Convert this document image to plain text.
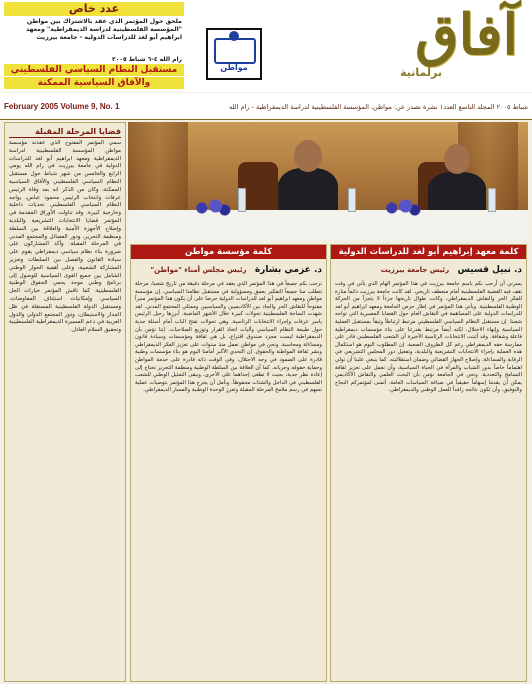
عدد خاص
ملحق حول المؤتمر الذي عقد بالاشتراك بين مواطن "المؤسسة الفلسطينية لدراسة الديمقراطية" ومعهد ابراهيم أبو لغد للدراسات الدولية - جامعة بيرزيت
رام الله ٤-٦ شباط ٢٠٠٥
مستقبل النظام السياسي الفلسطيني
والآفاق السياسية الممكنة
مواطن	آفاق
برلمانية
February 2005 Volume 9, No. 1	شباط ٢٠٠٥ المجلد التاسع العدد١ نشرة تصدر عن: مواطن، المؤسسة الفلسطينية لدراسة الديمقراطية - رام الله
قضايا المرحلة المقبلة
سمي المؤتمر المفتوح الذي عقدته مؤسسة مواطن المؤسسة الفلسطينية لدراسة الديمقراطية ومعهد ابراهيم أبو لغد للدراسات الدولية في جامعة بيرزيت في رام الله يومي الرابع والخامس من شهر شباط حول مستقبل النظام السياسي الفلسطيني والآفاق السياسية الممكنة، وكان من الذكر انه بعد وفاة الرئيس عرفات وانتخاب الرئيس محمود عباس، يواجه النظام السياسي الفلسطيني تحديات داخلية وخارجية كبيرة. وقد تناولت الأوراق المقدمة في المؤتمر قضايا الانتخابات التشريعية والبلدية وإصلاح الأجهزة الأمنية والعلاقة بين السلطة ومنظمة التحرير، ودور الفصائل والمجتمع المدني في المرحلة المقبلة. وأكد المشاركون على ضرورة بناء نظام سياسي ديمقراطي يقوم على سيادة القانون والفصل بين السلطات وتعزيز المشاركة الشعبية، وعلى أهمية الحوار الوطني الشامل بين جميع القوى السياسية للوصول إلى برنامج وطني موحد يحمي الحقوق الوطنية الفلسطينية. كما ناقش المؤتمر خيارات الحل السياسي وإمكانيات استئناف المفاوضات، ومستقبل الدولة الفلسطينية المستقلة في ظل الجدار والاستيطان، ودور المجتمع الدولي والدول العربية في دعم المسيرة الديمقراطية الفلسطينية وتحقيق السلام العادل.
كلمة مؤسسة مواطن
د. عزمي بشارة   رئيس مجلس أمناء "مواطن"
نرحب بكم جميعاً في هذا المؤتمر الذي يعقد في مرحلة دقيقة من تاريخ شعبنا، مرحلة تتطلب منا جميعاً التفكير بعمق ومسؤولية في مستقبل نظامنا السياسي. إن مؤسسة مواطن ومعهد ابراهيم أبو لغد للدراسات الدولية حرصا على أن يكون هذا المؤتمر منبراً مفتوحاً للنقاش الحر والجاد بين الأكاديميين والسياسيين وممثلي المجتمع المدني. لقد شهدت الساحة الفلسطينية تحولات كبيرة خلال الأشهر الماضية، أبرزها رحيل الرئيس ياسر عرفات وإجراء الانتخابات الرئاسية، وهي تحولات تفتح الباب أمام أسئلة جدية حول طبيعة النظام السياسي وآليات اتخاذ القرار وتوزيع الصلاحيات. إننا نؤمن بأن الديمقراطية ليست مجرد صندوق اقتراع، بل هي ثقافة ومؤسسات وسيادة قانون ومساءلة ومحاسبة. ونحن في مواطن نعمل منذ سنوات على تعزيز الفكر الديمقراطي ونشر ثقافة المواطنة والحقوق. إن التحدي الأكبر أمامنا اليوم هو بناء مؤسسات وطنية قادرة على الصمود في وجه الاحتلال، وفي الوقت ذاته قادرة على خدمة المواطن وحماية حقوقه وحرياته. كما أن العلاقة بين السلطة الوطنية ومنظمة التحرير تحتاج إلى إعادة نظر جدية، بحيث لا تطغى إحداهما على الأخرى، ويبقى التمثيل الوطني للشعب الفلسطيني في الداخل والشتات محفوظاً. ونأمل أن يخرج هذا المؤتمر بتوصيات عملية تسهم في رسم ملامح المرحلة المقبلة وتعزز الوحدة الوطنية والمسار الديمقراطي.
كلمة معهد إبراهيم أبو لغد للدراسات الدولية
د. نبيل قسيس   رئيس جامعة بيرزيت
يسرني أن أرحب بكم باسم جامعة بيرزيت في هذا المؤتمر الهام الذي يأتي في وقت تقف فيه القضية الفلسطينية أمام منعطف تاريخي. لقد كانت جامعة بيرزيت دائماً منارة للفكر الحر والنقاش الديمقراطي، وكانت طوال تاريخها جزءاً لا يتجزأ من الحركة الوطنية الفلسطينية. ويأتي هذا المؤتمر في إطار حرص الجامعة ومعهد ابراهيم أبو لغد للدراسات الدولية على المساهمة في النقاش العام حول القضايا المصيرية التي تواجه شعبنا. إن مستقبل النظام السياسي الفلسطيني مرتبط ارتباطاً وثيقاً بمستقبل العملية السياسية وإنهاء الاحتلال، لكنه أيضاً مرتبط بقدرتنا على بناء مؤسسات ديمقراطية فاعلة وشفافة. وقد أثبتت الانتخابات الرئاسية الأخيرة أن الشعب الفلسطيني قادر على ممارسة حقه الديمقراطي رغم كل الظروف الصعبة. إن المطلوب اليوم هو استكمال هذه العملية بإجراء الانتخابات التشريعية والبلدية، وتفعيل دور المجلس التشريعي في الرقابة والمساءلة، وإصلاح الجهاز القضائي وضمان استقلاليته. كما ينبغي علينا أن نولي اهتماماً خاصاً بدور الشباب والمرأة في الحياة السياسية، وأن نعمل على تعزيز ثقافة التسامح والتعددية. ونحن في الجامعة نؤمن بأن البحث العلمي والنقاش الأكاديمي يمكن أن يقدما إسهاماً حقيقياً في صياغة السياسات العامة. أتمنى لمؤتمركم النجاح والتوفيق، وأن تكون نتائجه رافداً للعمل الوطني والديمقراطي.
